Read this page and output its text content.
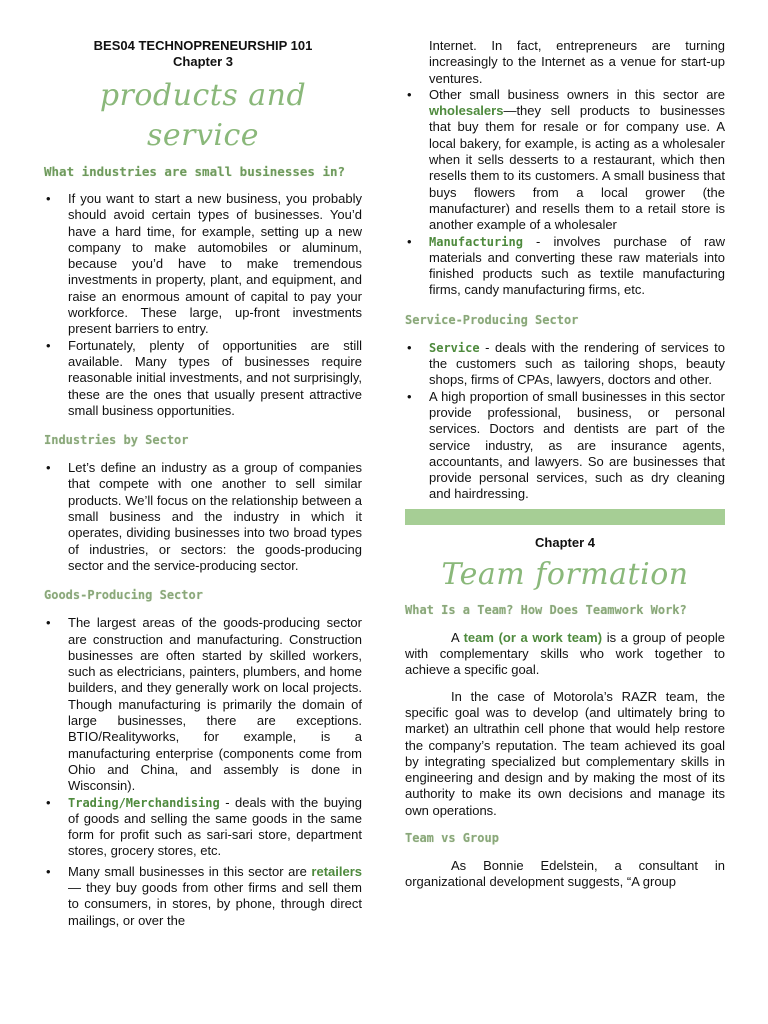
BES04 TECHNOPRENEURSHIP 101
Chapter 3
products and service
What industries are small businesses in?
• If you want to start a new business, you probably should avoid certain types of businesses. You’d have a hard time, for example, setting up a new company to make automobiles or aluminum, because you’d have to make tremendous investments in property, plant, and equipment, and raise an enormous amount of capital to pay your workforce. These large, up-front investments present barriers to entry.
• Fortunately, plenty of opportunities are still available. Many types of businesses require reasonable initial investments, and not surprisingly, these are the ones that usually present attractive small business opportunities.
Industries by Sector
• Let’s define an industry as a group of companies that compete with one another to sell similar products. We’ll focus on the relationship between a small business and the industry in which it operates, dividing businesses into two broad types of industries, or sectors: the goods-producing sector and the service-producing sector.
Goods-Producing Sector
• The largest areas of the goods-producing sector are construction and manufacturing. Construction businesses are often started by skilled workers, such as electricians, painters, plumbers, and home builders, and they generally work on local projects. Though manufacturing is primarily the domain of large businesses, there are exceptions. BTIO/Realityworks, for example, is a manufacturing enterprise (components come from Ohio and China, and assembly is done in Wisconsin).
• Trading/Merchandising - deals with the buying of goods and selling the same goods in the same form for profit such as sari-sari store, department stores, grocery stores, etc.
• Many small businesses in this sector are retailers— they buy goods from other firms and sell them to consumers, in stores, by phone, through direct mailings, or over the

Internet. In fact, entrepreneurs are turning increasingly to the Internet as a venue for start-up ventures.

• Other small business owners in this sector are wholesalers—they sell products to businesses that buy them for resale or for company use. A local bakery, for example, is acting as a wholesaler when it sells desserts to a restaurant, which then resells them to its customers. A small business that buys flowers from a local grower (the manufacturer) and resells them to a retail store is another example of a wholesaler
• Manufacturing - involves purchase of raw materials and converting these raw materials into finished products such as textile manufacturing firms, candy manufacturing firms, etc.
Service-Producing Sector
• Service - deals with the rendering of services to the customers such as tailoring shops, beauty shops, firms of CPAs, lawyers, doctors and other.
• A high proportion of small businesses in this sector provide professional, business, or personal services. Doctors and dentists are part of the service industry, as are insurance agents, accountants, and lawyers. So are businesses that provide personal services, such as dry cleaning and hairdressing.
Chapter 4
Team formation
What Is a Team? How Does Teamwork Work?

A team (or a work team) is a group of people with complementary skills who work together to achieve a specific goal.

In the case of Motorola’s RAZR team, the specific goal was to develop (and ultimately bring to market) an ultrathin cell phone that would help restore the company’s reputation. The team achieved its goal by integrating specialized but complementary skills in engineering and design and by making the most of its authority to make its own decisions and manage its own operations.

Team vs Group

As Bonnie Edelstein, a consultant in organizational development suggests, “A group
